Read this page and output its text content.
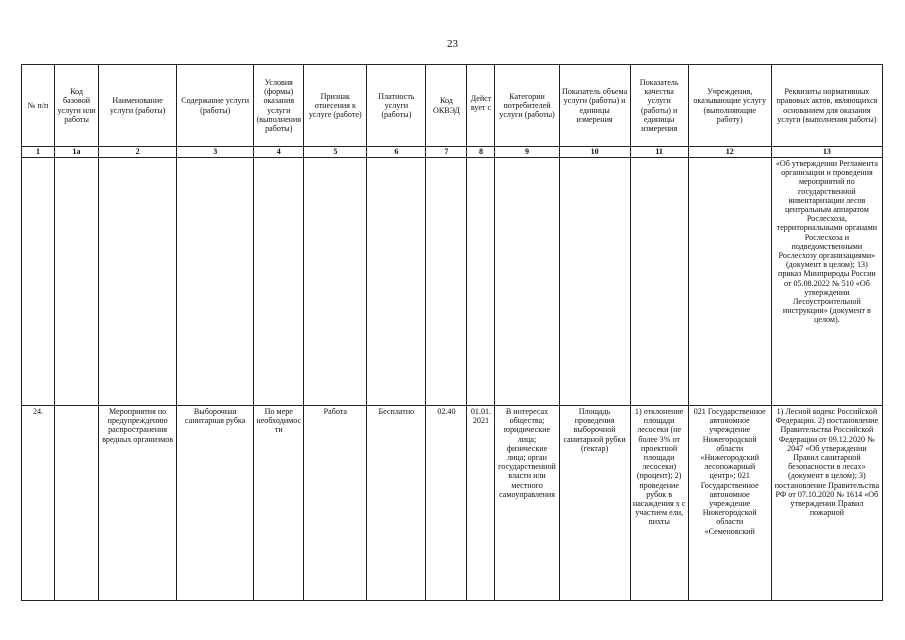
23
№ п/п	Код базовой услуги или работы	Наименование услуги (работы)	Содержание услуги (работы)	Условия (формы) оказания услуги (выполнения работы)	Признак отнесения к услуге (работе)	Платность услуги (работы)	Код ОКВЭД	Действует с	Категории потребителей услуги (работы)	Показатель объема услуги (работы) и единицы измерения	Показатель качества услуги (работы) и единицы измерения	Учреждения, оказывающие услугу (выполняющие работу)	Реквизиты нормативных правовых актов, являющихся основанием для оказания услуги (выполнения работы)
1	1а	2	3	4	5	6	7	8	9	10	11	12	13
													«Об утверждении Регламента организации и проведения мероприятий по государственной инвентаризации лесов центральным аппаратом Рослесхоза, территориальными органами Рослесхоза и подведомственными Рослесхозу организациями» (документ в целом); 13) приказ Минприроды России от 05.08.2022 № 510 «Об утверждении Лесоустроительной инструкции» (документ в целом).
24.		Мероприятия по предупреждению распространения вредных организмов	Выборочная санитарная рубка	По мере необходимости	Работа	Бесплатно	02.40	01.01.2021	В интересах общества; юридические лица; физические лица; орган государственной власти или местного самоуправления	Площадь проведения выборочной санитарной рубки (гектар)	1) отклонение площади лесосеки (не более 3% от проектной площади лесосеки) (процент); 2) проведение рубок в насаждения х с участием ели, пихты	021 Государственное автономное учреждение Нижегородской области «Нижегородский лесопожарный центр»; 021 Государственное автономное учреждение Нижегородской области «Семеновский	1) Лесной кодекс Российской Федерации. 2) постановление Правительства Российской Федерации от 09.12.2020 № 2047 «Об утверждении Правил санитарной безопасности в лесах» (документ в целом); 3) постановление Правительства РФ от 07.10.2020 № 1614 «Об утверждении Правил пожарной
